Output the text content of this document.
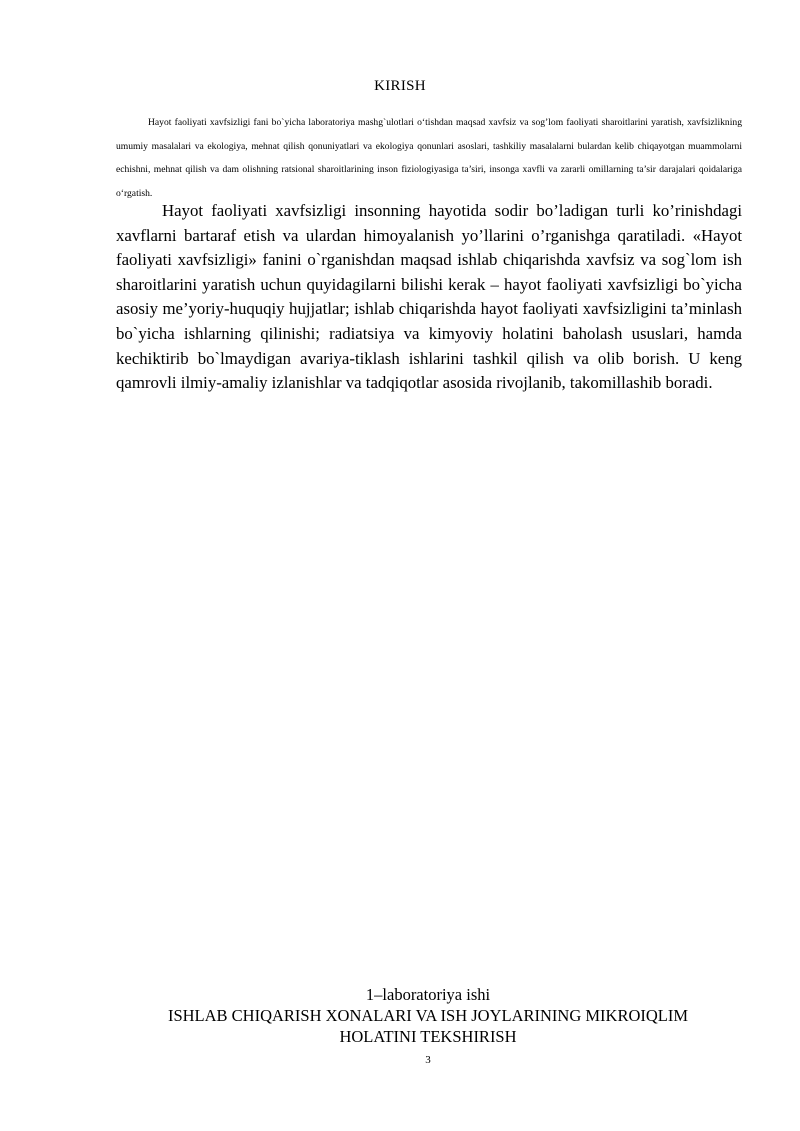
KIRISH

Hayot faoliyati xavfsizligi fani bo`yicha laboratoriya mashg`ulotlari o‘tishdan maqsad xavfsiz va sog’lom faoliyati sharoitlarini yaratish, xavfsizlikning umumiy masalalari va ekologiya, mehnat qilish qonuniyatlari va ekologiya qonunlari asoslari, tashkiliy masalalarni bulardan kelib chiqayotgan muammolarni echishni, mehnat qilish va dam olishning ratsional sharoitlarining inson fiziologiyasiga ta’siri, insonga xavfli va zararli omillarning ta’sir darajalari qoidalariga o‘rgatish.

Hayot faoliyati xavfsizligi insonning hayotida sodir bo’ladigan turli ko’rinishdagi xavflarni bartaraf etish va ulardan himoyalanish yo’llarini o’rganishga qaratiladi. «Hayot faoliyati xavfsizligi» fanini o`rganishdan maqsad ishlab chiqarishda xavfsiz va sog`lom ish sharoitlarini yaratish uchun quyidagilarni bilishi kerak – hayot faoliyati xavfsizligi bo`yicha asosiy me’yoriy-huquqiy hujjatlar; ishlab chiqarishda hayot faoliyati xavfsizligini ta’minlash bo`yicha ishlarning qilinishi; radiatsiya va kimyoviy holatini baholash ususlari, hamda kechiktirib bo`lmaydigan avariya-tiklash ishlarini tashkil qilish va olib borish. U keng qamrovli ilmiy-amaliy izlanishlar va tadqiqotlar asosida rivojlanib, takomillashib boradi.

1–laboratoriya ishi
ISHLAB CHIQARISH XONALARI VA ISH JOYLARINING MIKROIQLIM
HOLATINI TEKSHIRISH
3
